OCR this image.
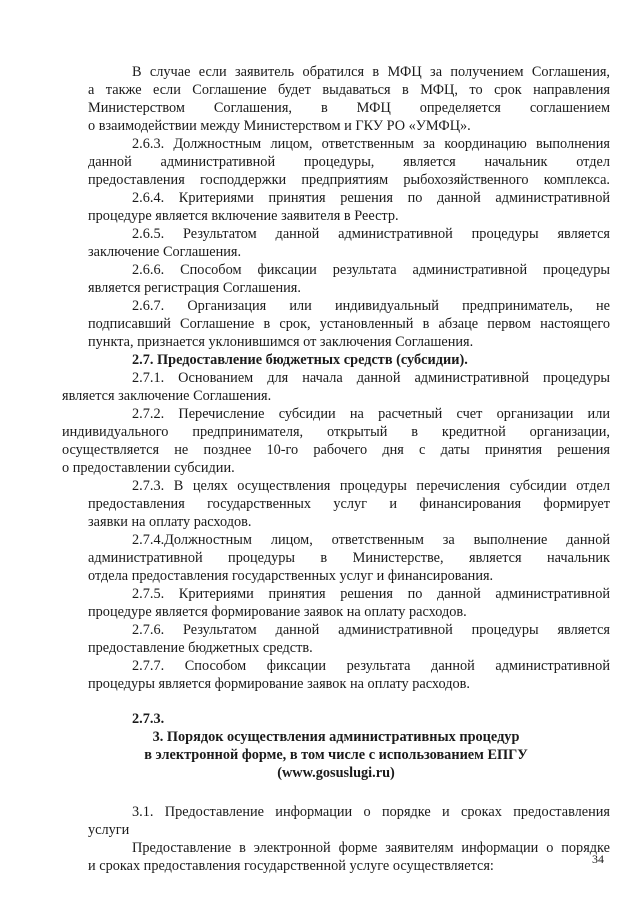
В случае если заявитель обратился в МФЦ за получением Соглашения,
а также если Соглашение будет выдаваться в МФЦ, то срок направления
Министерством Соглашения, в МФЦ определяется соглашением
о взаимодействии между Министерством и ГКУ РО «УМФЦ».
2.6.3. Должностным лицом, ответственным за координацию выполнения
данной административной процедуры, является начальник отдел
предоставления господдержки предприятиям рыбохозяйственного комплекса.
2.6.4. Критериями принятия решения по данной административной
процедуре является включение заявителя в Реестр.
2.6.5. Результатом данной административной процедуры является
заключение Соглашения.
2.6.6. Способом фиксации результата административной процедуры
является регистрация Соглашения.
2.6.7. Организация или индивидуальный предприниматель, не
подписавший Соглашение в срок, установленный в абзаце первом настоящего
пункта, признается уклонившимся от заключения Соглашения.
2.7. Предоставление бюджетных средств (субсидии).
2.7.1. Основанием для начала данной административной процедуры
является заключение Соглашения.
2.7.2. Перечисление субсидии на расчетный счет организации или
индивидуального предпринимателя, открытый в кредитной организации,
осуществляется не позднее 10-го рабочего дня с даты принятия решения
о предоставлении субсидии.
2.7.3. В целях осуществления процедуры перечисления субсидии отдел
предоставления государственных услуг и финансирования формирует
заявки на оплату расходов.
2.7.4.Должностным лицом, ответственным за выполнение данной
административной процедуры в Министерстве, является начальник
отдела предоставления государственных услуг и финансирования.
2.7.5. Критериями принятия решения по данной административной
процедуре является формирование заявок на оплату расходов.
2.7.6. Результатом данной административной процедуры является
предоставление бюджетных средств.
2.7.7. Способом фиксации результата данной административной
процедуры является формирование заявок на оплату расходов.
2.7.3.
3. Порядок осуществления административных процедур
в электронной форме, в том числе с использованием ЕПГУ
(www.gosuslugi.ru)
3.1. Предоставление информации о порядке и сроках предоставления
услуги
Предоставление в электронной форме заявителям информации о порядке
и сроках предоставления государственной услуге осуществляется:	34
